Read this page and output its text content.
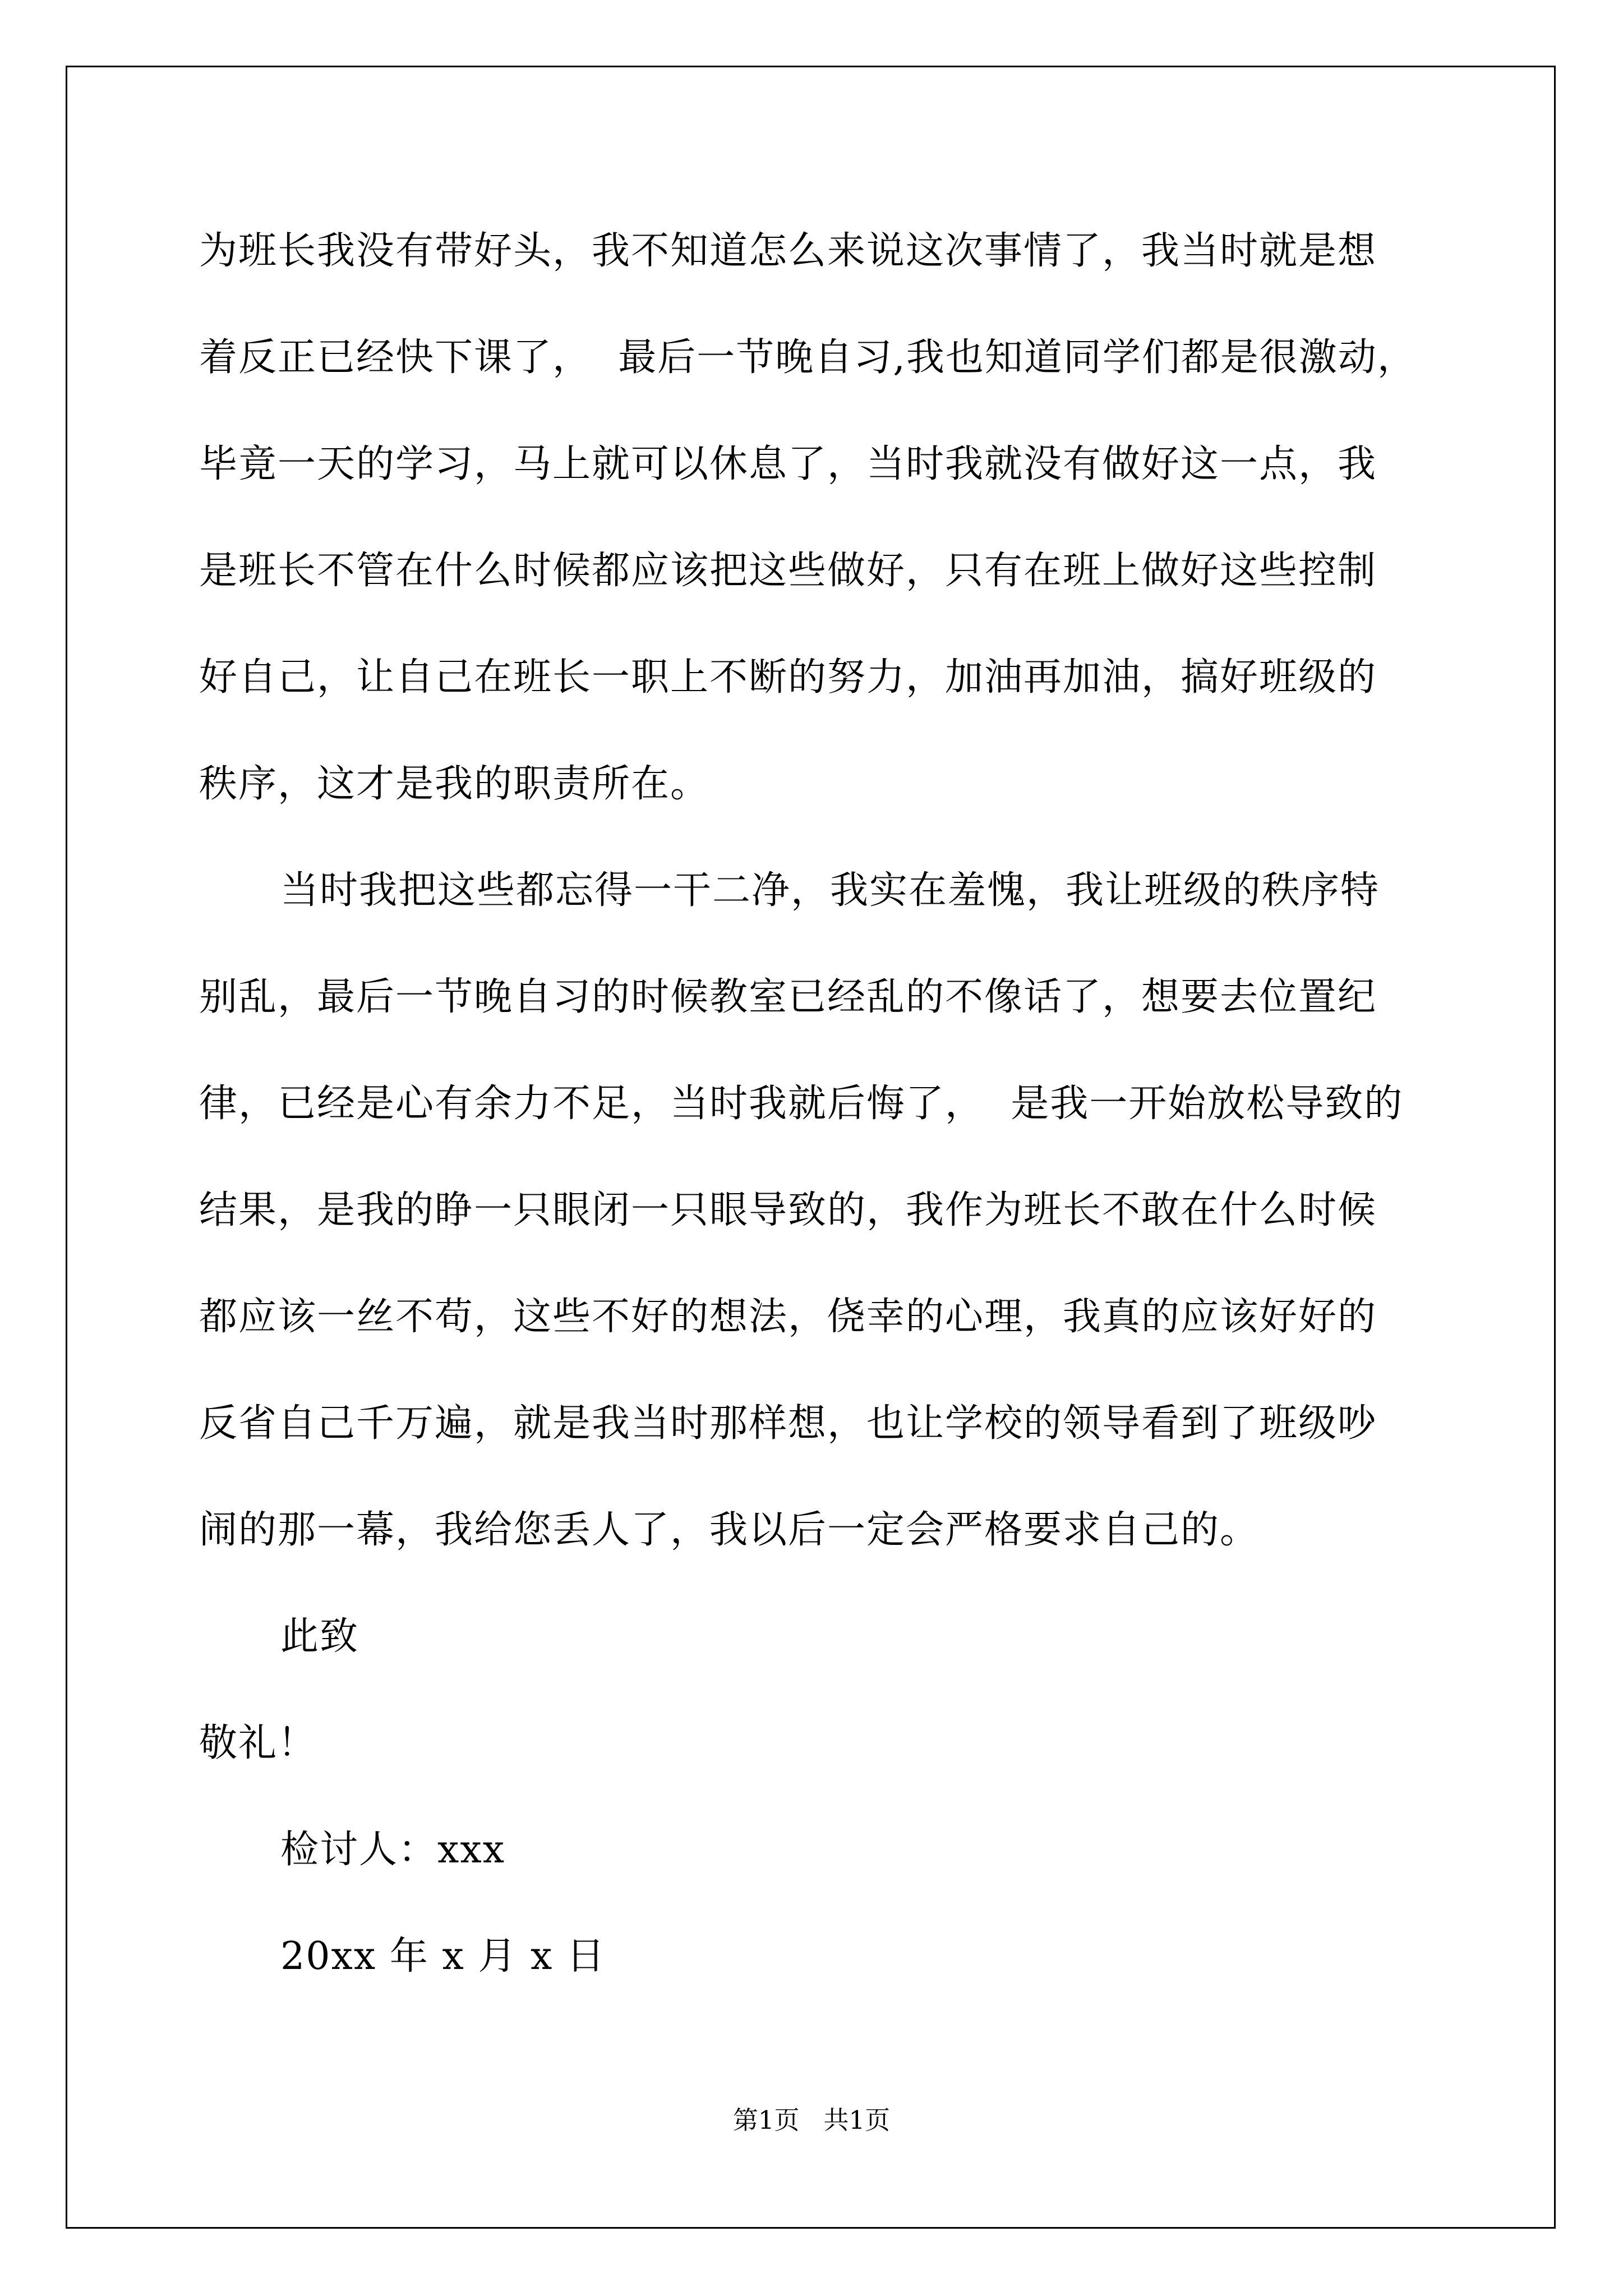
为班长我没有带好头，我不知道怎么来说这次事情了，我当时就是想
着反正已经快下课了，  最后一节晚自习,我也知道同学们都是很激动，
毕竟一天的学习，马上就可以休息了，当时我就没有做好这一点，我
是班长不管在什么时候都应该把这些做好，只有在班上做好这些控制
好自己，让自己在班长一职上不断的努力，加油再加油，搞好班级的
秩序，这才是我的职责所在。
当时我把这些都忘得一干二净，我实在羞愧，我让班级的秩序特
别乱，最后一节晚自习的时候教室已经乱的不像话了，想要去位置纪
律，已经是心有余力不足，当时我就后悔了，  是我一开始放松导致的
结果，是我的睁一只眼闭一只眼导致的，我作为班长不敢在什么时候
都应该一丝不苟，这些不好的想法，侥幸的心理，我真的应该好好的
反省自己千万遍，就是我当时那样想，也让学校的领导看到了班级吵
闹的那一幕，我给您丢人了，我以后一定会严格要求自己的。
此致
敬礼！
检讨人：xxx
20xx 年 x 月 x 日
第1页   共1页
